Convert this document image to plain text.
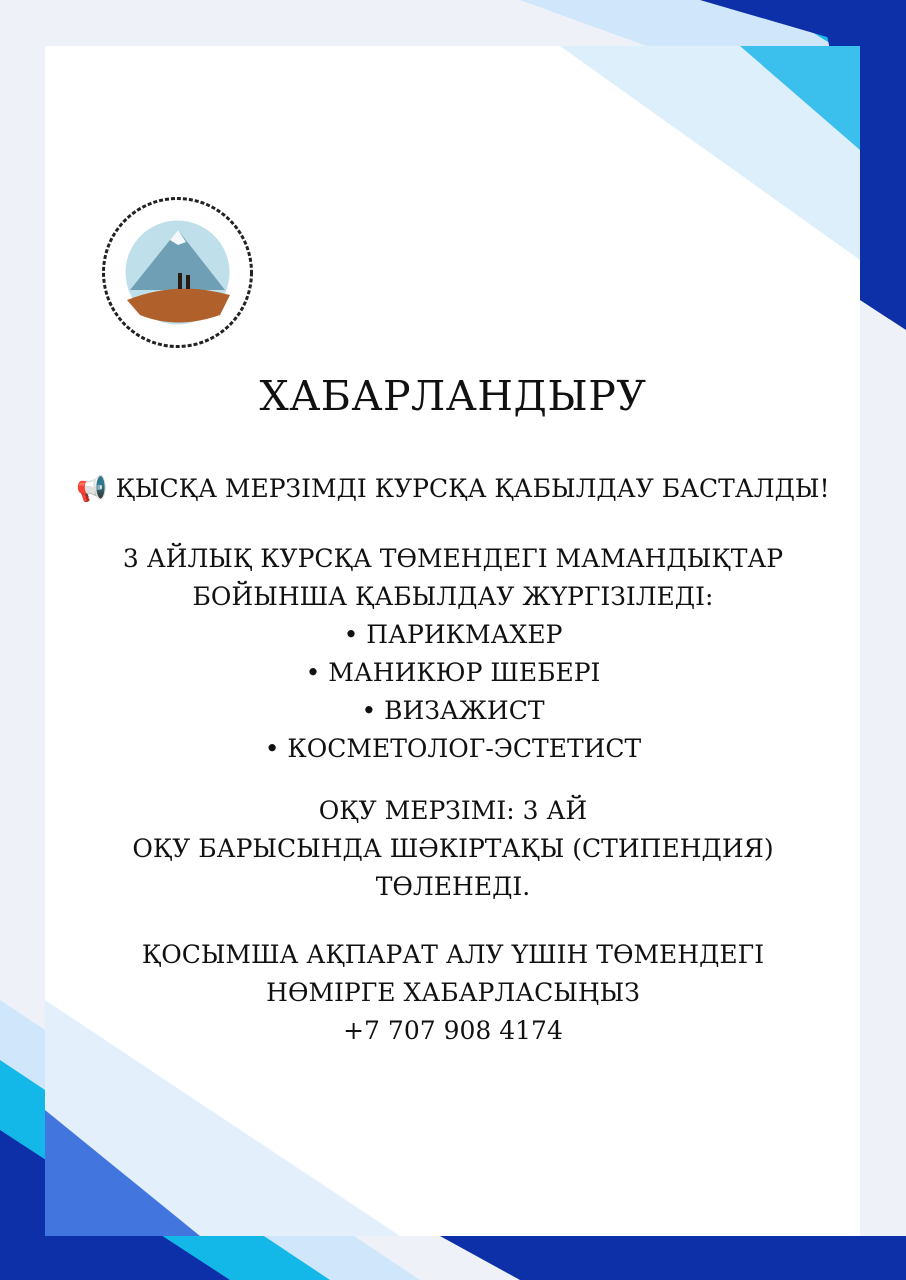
ХАБАРЛАНДЫРУ
📢 ҚЫСҚА МЕРЗІМДІ КУРСҚА ҚАБЫЛДАУ БАСТАЛДЫ!
3 АЙЛЫҚ КУРСҚА ТӨМЕНДЕГІ МАМАНДЫҚТАР
БОЙЫНША ҚАБЫЛДАУ ЖҮРГІЗІЛЕДІ:
• ПАРИКМАХЕР
• МАНИКЮР ШЕБЕРІ
• ВИЗАЖИСТ
• КОСМЕТОЛОГ-ЭСТЕТИСТ
ОҚУ МЕРЗІМІ: 3 АЙ
ОҚУ БАРЫСЫНДА ШӘКІРТАҚЫ (СТИПЕНДИЯ)
ТӨЛЕНЕДІ.
ҚОСЫМША АҚПАРАТ АЛУ ҮШІН ТӨМЕНДЕГІ
НӨМІРГЕ ХАБАРЛАСЫҢЫЗ
+7 707 908 4174
